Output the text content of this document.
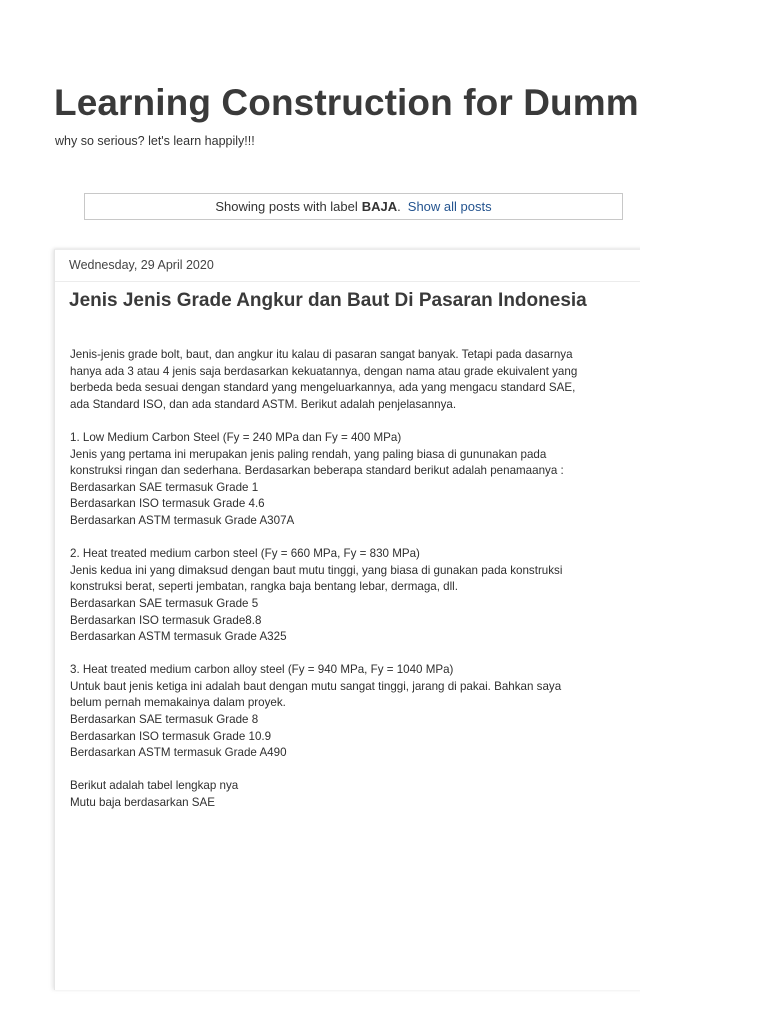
Learning Construction for Dumm
why so serious? let's learn happily!!!
Showing posts with label BAJA . Show all posts
Wednesday, 29 April 2020
Jenis Jenis Grade Angkur dan Baut Di Pasaran Indonesia
Jenis-jenis grade bolt, baut, dan angkur itu kalau di pasaran sangat banyak. Tetapi pada dasarnya
hanya ada 3 atau 4 jenis saja berdasarkan kekuatannya, dengan nama atau grade ekuivalent yang
berbeda beda sesuai dengan standard yang mengeluarkannya, ada yang mengacu standard SAE,
ada Standard ISO, dan ada standard ASTM. Berikut adalah penjelasannya.
1. Low Medium Carbon Steel (Fy = 240 MPa dan Fy = 400 MPa)
Jenis yang pertama ini merupakan jenis paling rendah, yang paling biasa di gununakan pada
konstruksi ringan dan sederhana. Berdasarkan beberapa standard berikut adalah penamaanya :
Berdasarkan SAE termasuk Grade 1
Berdasarkan ISO termasuk Grade 4.6
Berdasarkan ASTM termasuk Grade A307A
2. Heat treated medium carbon steel (Fy = 660 MPa, Fy = 830 MPa)
Jenis kedua ini yang dimaksud dengan baut mutu tinggi, yang biasa di gunakan pada konstruksi
konstruksi berat, seperti jembatan, rangka baja bentang lebar, dermaga, dll.
Berdasarkan SAE termasuk Grade 5
Berdasarkan ISO termasuk Grade8.8
Berdasarkan ASTM termasuk Grade A325
3. Heat treated medium carbon alloy steel (Fy = 940 MPa, Fy = 1040 MPa)
Untuk baut jenis ketiga ini adalah baut dengan mutu sangat tinggi, jarang di pakai. Bahkan saya
belum pernah memakainya dalam proyek.
Berdasarkan SAE termasuk Grade 8
Berdasarkan ISO termasuk Grade 10.9
Berdasarkan ASTM termasuk Grade A490
Berikut adalah tabel lengkap nya
Mutu baja berdasarkan SAE
